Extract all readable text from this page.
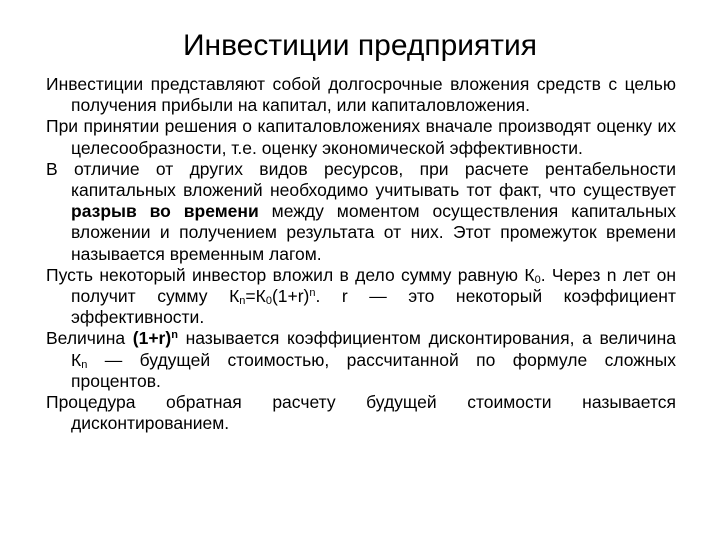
Инвестиции предприятия

Инвестиции представляют собой долгосрочные вложения средств с целью получения прибыли на капитал, или капиталовложения.

При принятии решения о капиталовложениях вначале производят оценку их целесообразности, т.е. оценку экономической эффективности.

В отличие от других видов ресурсов, при расчете рентабельности капитальных вложений необходимо учитывать тот факт, что существует разрыв во времени между моментом осуществления капитальных вложении и получением результата от них. Этот промежуток времени называется временным лагом.

Пусть некоторый инвестор вложил в дело сумму равную $К_0$. Через n лет он получит сумму $К_n=К_0(1+r)^n$. r — это некоторый коэффициент эффективности.

Величина $(1+r)^n$ называется коэффициентом дисконтирования, а величина $К_n$ — будущей стоимостью, рассчитанной по формуле сложных процентов.

Процедура обратная расчету будущей стоимости называется дисконтированием.
